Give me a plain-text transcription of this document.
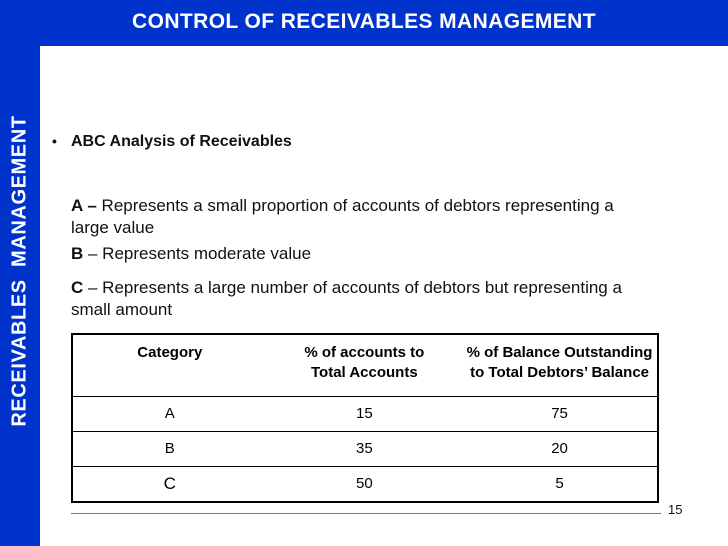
CONTROL OF RECEIVABLES MANAGEMENT
RECEIVABLES  MANAGEMENT • ABC Analysis of Receivables
A – Represents a small proportion of accounts of debtors representing a large value
B – Represents moderate value
C – Represents a large number of accounts of debtors but representing a small amount
Category	% of accounts to Total Accounts	% of Balance Outstanding to Total Debtors’ Balance

A	15	75
B	35	20
C	50	5
15
